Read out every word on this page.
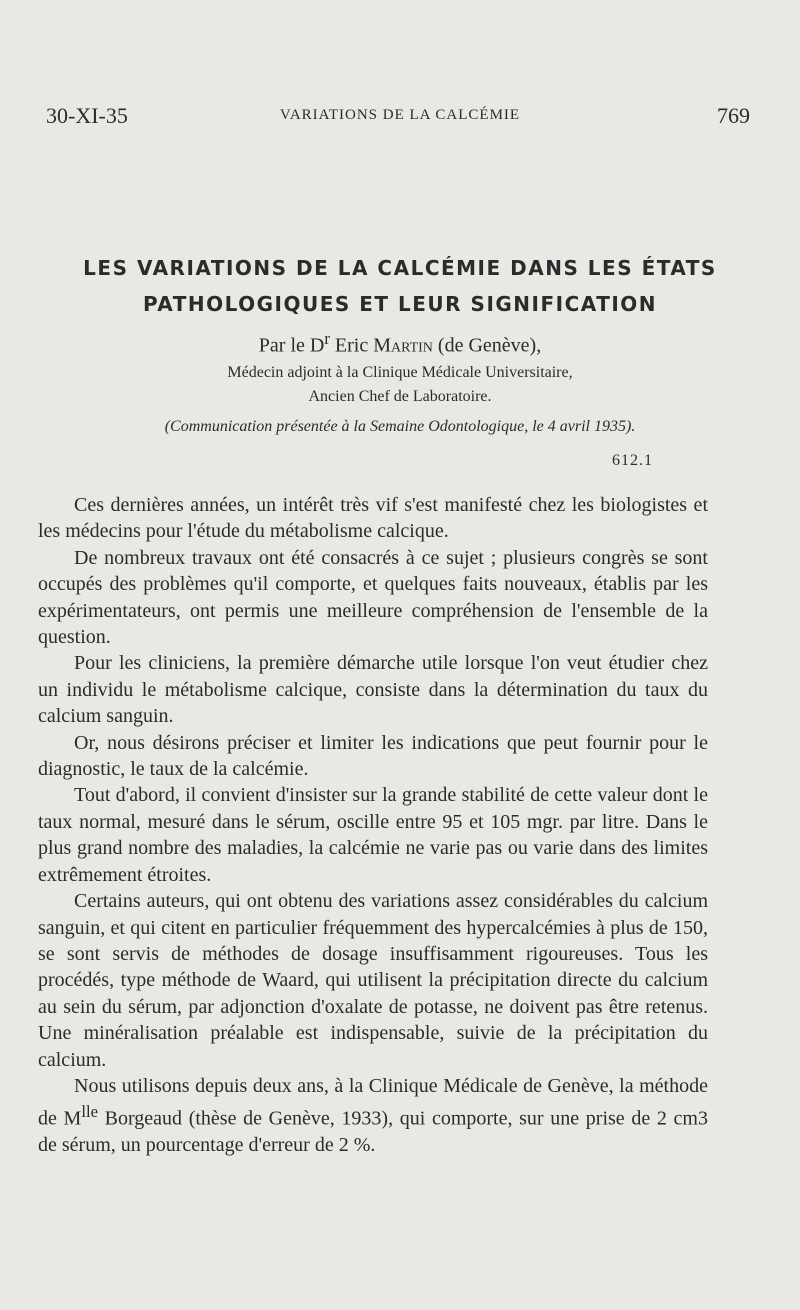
30-XI-35	VARIATIONS DE LA CALCÉMIE	769
LES VARIATIONS DE LA CALCÉMIE DANS LES ÉTATS
PATHOLOGIQUES ET LEUR SIGNIFICATION
Par le $D^r$ Eric Martin (de Genève),
Médecin adjoint à la Clinique Médicale Universitaire,
Ancien Chef de Laboratoire.
(Communication présentée à la Semaine Odontologique, le 4 avril 1935).
612.1

Ces dernières années, un intérêt très vif s'est manifesté chez les biologistes et les médecins pour l'étude du métabolisme calcique.

De nombreux travaux ont été consacrés à ce sujet ; plusieurs congrès se sont occupés des problèmes qu'il comporte, et quelques faits nouveaux, établis par les expérimentateurs, ont permis une meilleure compréhension de l'ensemble de la question.

Pour les cliniciens, la première démarche utile lorsque l'on veut étudier chez un individu le métabolisme calcique, consiste dans la détermination du taux du calcium sanguin.

Or, nous désirons préciser et limiter les indications que peut fournir pour le diagnostic, le taux de la calcémie.

Tout d'abord, il convient d'insister sur la grande stabilité de cette valeur dont le taux normal, mesuré dans le sérum, oscille entre 95 et 105 mgr. par litre. Dans le plus grand nombre des maladies, la calcémie ne varie pas ou varie dans des limites extrêmement étroites.

Certains auteurs, qui ont obtenu des variations assez considérables du calcium sanguin, et qui citent en particulier fréquemment des hypercalcémies à plus de 150, se sont servis de méthodes de dosage insuffisamment rigoureuses. Tous les procédés, type méthode de Waard, qui utilisent la précipitation directe du calcium au sein du sérum, par adjonction d'oxalate de potasse, ne doivent pas être retenus. Une minéralisation préalable est indispensable, suivie de la précipitation du calcium.

Nous utilisons depuis deux ans, à la Clinique Médicale de Genève, la méthode de $M^{lle}$ Borgeaud (thèse de Genève, 1933), qui comporte, sur une prise de 2 cm3 de sérum, un pourcentage d'erreur de 2 %.
